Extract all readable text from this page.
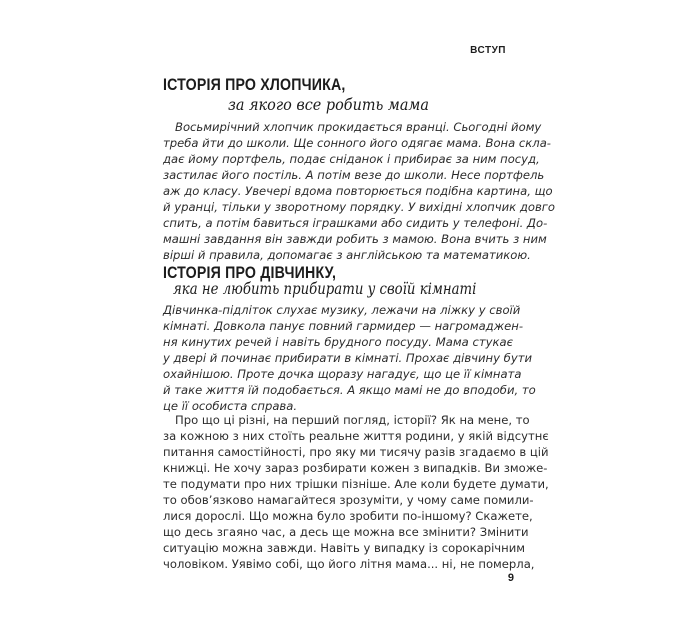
ВСТУП
ІСТОРІЯ ПРО ХЛОПЧИКА,
за якого все робить мама
Восьмирічний хлопчик прокидається вранці. Сьогодні йому
треба йти до школи. Ще сонного його одягає мама. Вона скла-
дає йому портфель, подає сніданок і прибирає за ним посуд,
застилає його постіль. А потім везе до школи. Несе портфель
аж до класу. Увечері вдома повторюється подібна картина, що
й уранці, тільки у зворотному порядку. У вихідні хлопчик довго
спить, а потім бавиться іграшками або сидить у телефоні. До-
машні завдання він завжди робить з мамою. Вона вчить з ним
вірші й правила, допомагає з англійською та математикою.
ІСТОРІЯ ПРО ДІВЧИНКУ,
яка не любить прибирати у своїй кімнаті
Дівчинка-підліток слухає музику, лежачи на ліжку у своїй
кімнаті. Довкола панує повний гармидер — нагромаджен-
ня кинутих речей і навіть брудного посуду. Мама стукає
у двері й починає прибирати в кімнаті. Прохає дівчину бути
охайнішою. Проте дочка щоразу нагадує, що це її кімната
й таке життя їй подобається. А якщо мамі не до вподоби, то
це її особиста справа.
Про що ці різні, на перший погляд, історії? Як на мене, то
за кожною з них стоїть реальне життя родини, у якій відсутнє
питання самостійності, про яку ми тисячу разів згадаємо в цій
книжці. Не хочу зараз розбирати кожен з випадків. Ви зможе-
те подумати про них трішки пізніше. Але коли будете думати,
то обов’язково намагайтеся зрозуміти, у чому саме помили-
лися дорослі. Що можна було зробити по-іншому? Скажете,
що десь згаяно час, а десь ще можна все змінити? Змінити
ситуацію можна завжди. Навіть у випадку із сорокарічним
чоловіком. Уявімо собі, що його літня мама... ні, не померла,
9
